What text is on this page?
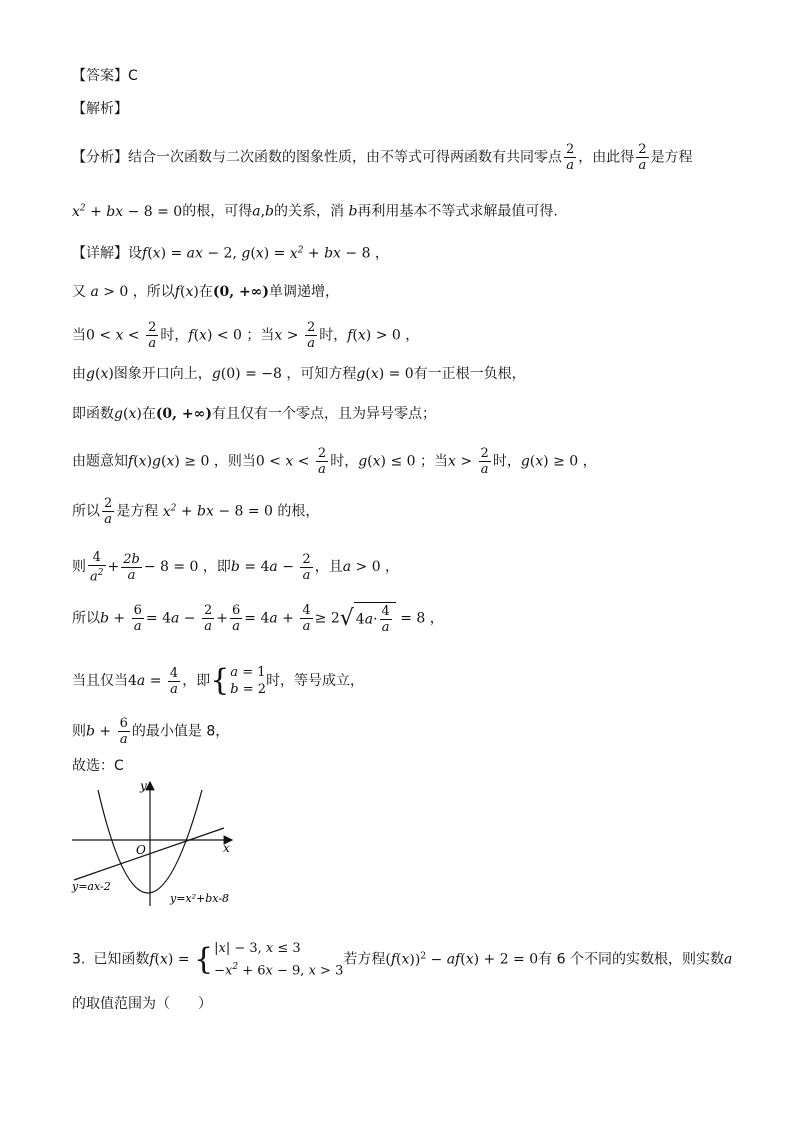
【答案】C
【解析】
【分析】结合一次函数与二次函数的图象性质，由不等式可得两函数有共同零点 $\frac{2}{a}$ ，由此得 $\frac{2}{a}$ 是方程
$x^2$ + bx − 8 = 0的根，可得a,b的关系，消 b再利用基本不等式求解最值可得.
【详解】设f(x) = ax − 2, $g(x) = x^2$ + bx − 8 ，
又 a > 0 ，所以f(x)在(0, +∞)单调递增，
当$0 < x < \frac{2}{a}$ 时，f(x) < 0 ；当$x > \frac{2}{a}$ 时，f(x) > 0 ，
由g(x)图象开口向上，g(0) = −8 ，可知方程g(x) = 0有一正根一负根，
即函数g(x)在(0, +∞)有且仅有一个零点，且为异号零点；
由题意知f(x)g(x) ≥ 0 ，则当$0 < x < \frac{2}{a}$ 时，g(x) ≤ 0 ；当$x > \frac{2}{a}$ 时，g(x) ≥ 0 ，
所以 $\frac{2}{a}$ 是方程 $x^2$ + bx − 8 = 0 的根，
则 $\frac{4}{a^2} + \frac{2b}{a} - 8 = 0$ ，即$b = 4a - \frac{2}{a}$ ，且a > 0 ，
所以$b + \frac{6}{a} = 4a - \frac{2}{a} + \frac{6}{a} = 4a + \frac{4}{a} \ge 2√$ $4a\cdot \frac{4}{a} = 8$ ，
当且仅当$4a = \frac{4}{a}$ ，即{ a = 1
b = 2
时，等号成立，
则$b + \frac{6}{a}$ 的最小值是 8，
故选：C
y
x
O
y=ax-2
y=x²+bx-8
3. 已知函数f(x) = { |x| − 3, x ≤ 3
$-x^2 + 6x - 9$, x > 3
若方程$(f(x))^2 - af(x) + 2 = 0$有 6 个不同的实数根，则实数a
的取值范围为（　　）
